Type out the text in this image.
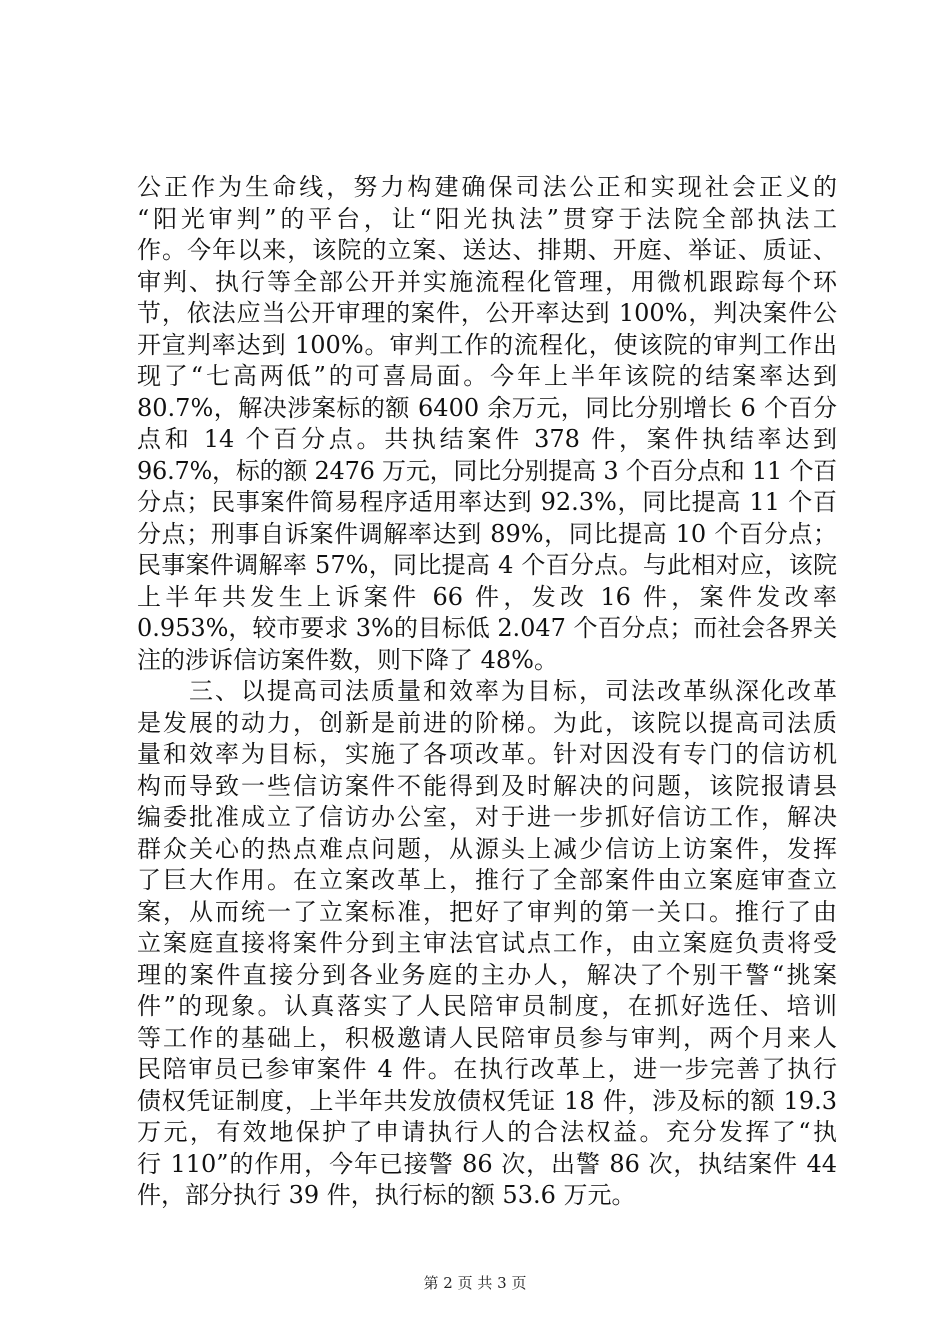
公正作为生命线，努力构建确保司法公正和实现社会正义的
“阳光审判”的平台，让“阳光执法”贯穿于法院全部执法工
作。今年以来，该院的立案、送达、排期、开庭、举证、质证、
审判、执行等全部公开并实施流程化管理，用微机跟踪每个环
节，依法应当公开审理的案件，公开率达到 100%，判决案件公
开宣判率达到 100%。审判工作的流程化，使该院的审判工作出
现了“七高两低”的可喜局面。今年上半年该院的结案率达到
80.7%，解决涉案标的额 6400 余万元，同比分别增长 6 个百分
点和 14 个百分点。共执结案件 378 件，案件执结率达到
96.7%，标的额 2476 万元，同比分别提高 3 个百分点和 11 个百
分点；民事案件简易程序适用率达到 92.3%，同比提高 11 个百
分点；刑事自诉案件调解率达到 89%，同比提高 10 个百分点；
民事案件调解率 57%，同比提高 4 个百分点。与此相对应，该院
上半年共发生上诉案件 66 件，发改 16 件，案件发改率
0.953%，较市要求 3%的目标低 2.047 个百分点；而社会各界关
注的涉诉信访案件数，则下降了 48%。
　　三、以提高司法质量和效率为目标，司法改革纵深化改革
是发展的动力，创新是前进的阶梯。为此，该院以提高司法质
量和效率为目标，实施了各项改革。针对因没有专门的信访机
构而导致一些信访案件不能得到及时解决的问题，该院报请县
编委批准成立了信访办公室，对于进一步抓好信访工作，解决
群众关心的热点难点问题，从源头上减少信访上访案件，发挥
了巨大作用。在立案改革上，推行了全部案件由立案庭审查立
案，从而统一了立案标准，把好了审判的第一关口。推行了由
立案庭直接将案件分到主审法官试点工作，由立案庭负责将受
理的案件直接分到各业务庭的主办人，解决了个别干警“挑案
件”的现象。认真落实了人民陪审员制度，在抓好选任、培训
等工作的基础上，积极邀请人民陪审员参与审判，两个月来人
民陪审员已参审案件 4 件。在执行改革上，进一步完善了执行
债权凭证制度，上半年共发放债权凭证 18 件，涉及标的额 19.3
万元，有效地保护了申请执行人的合法权益。充分发挥了“执
行 110”的作用，今年已接警 86 次，出警 86 次，执结案件 44
件，部分执行 39 件，执行标的额 53.6 万元。
第 2 页 共 3 页
